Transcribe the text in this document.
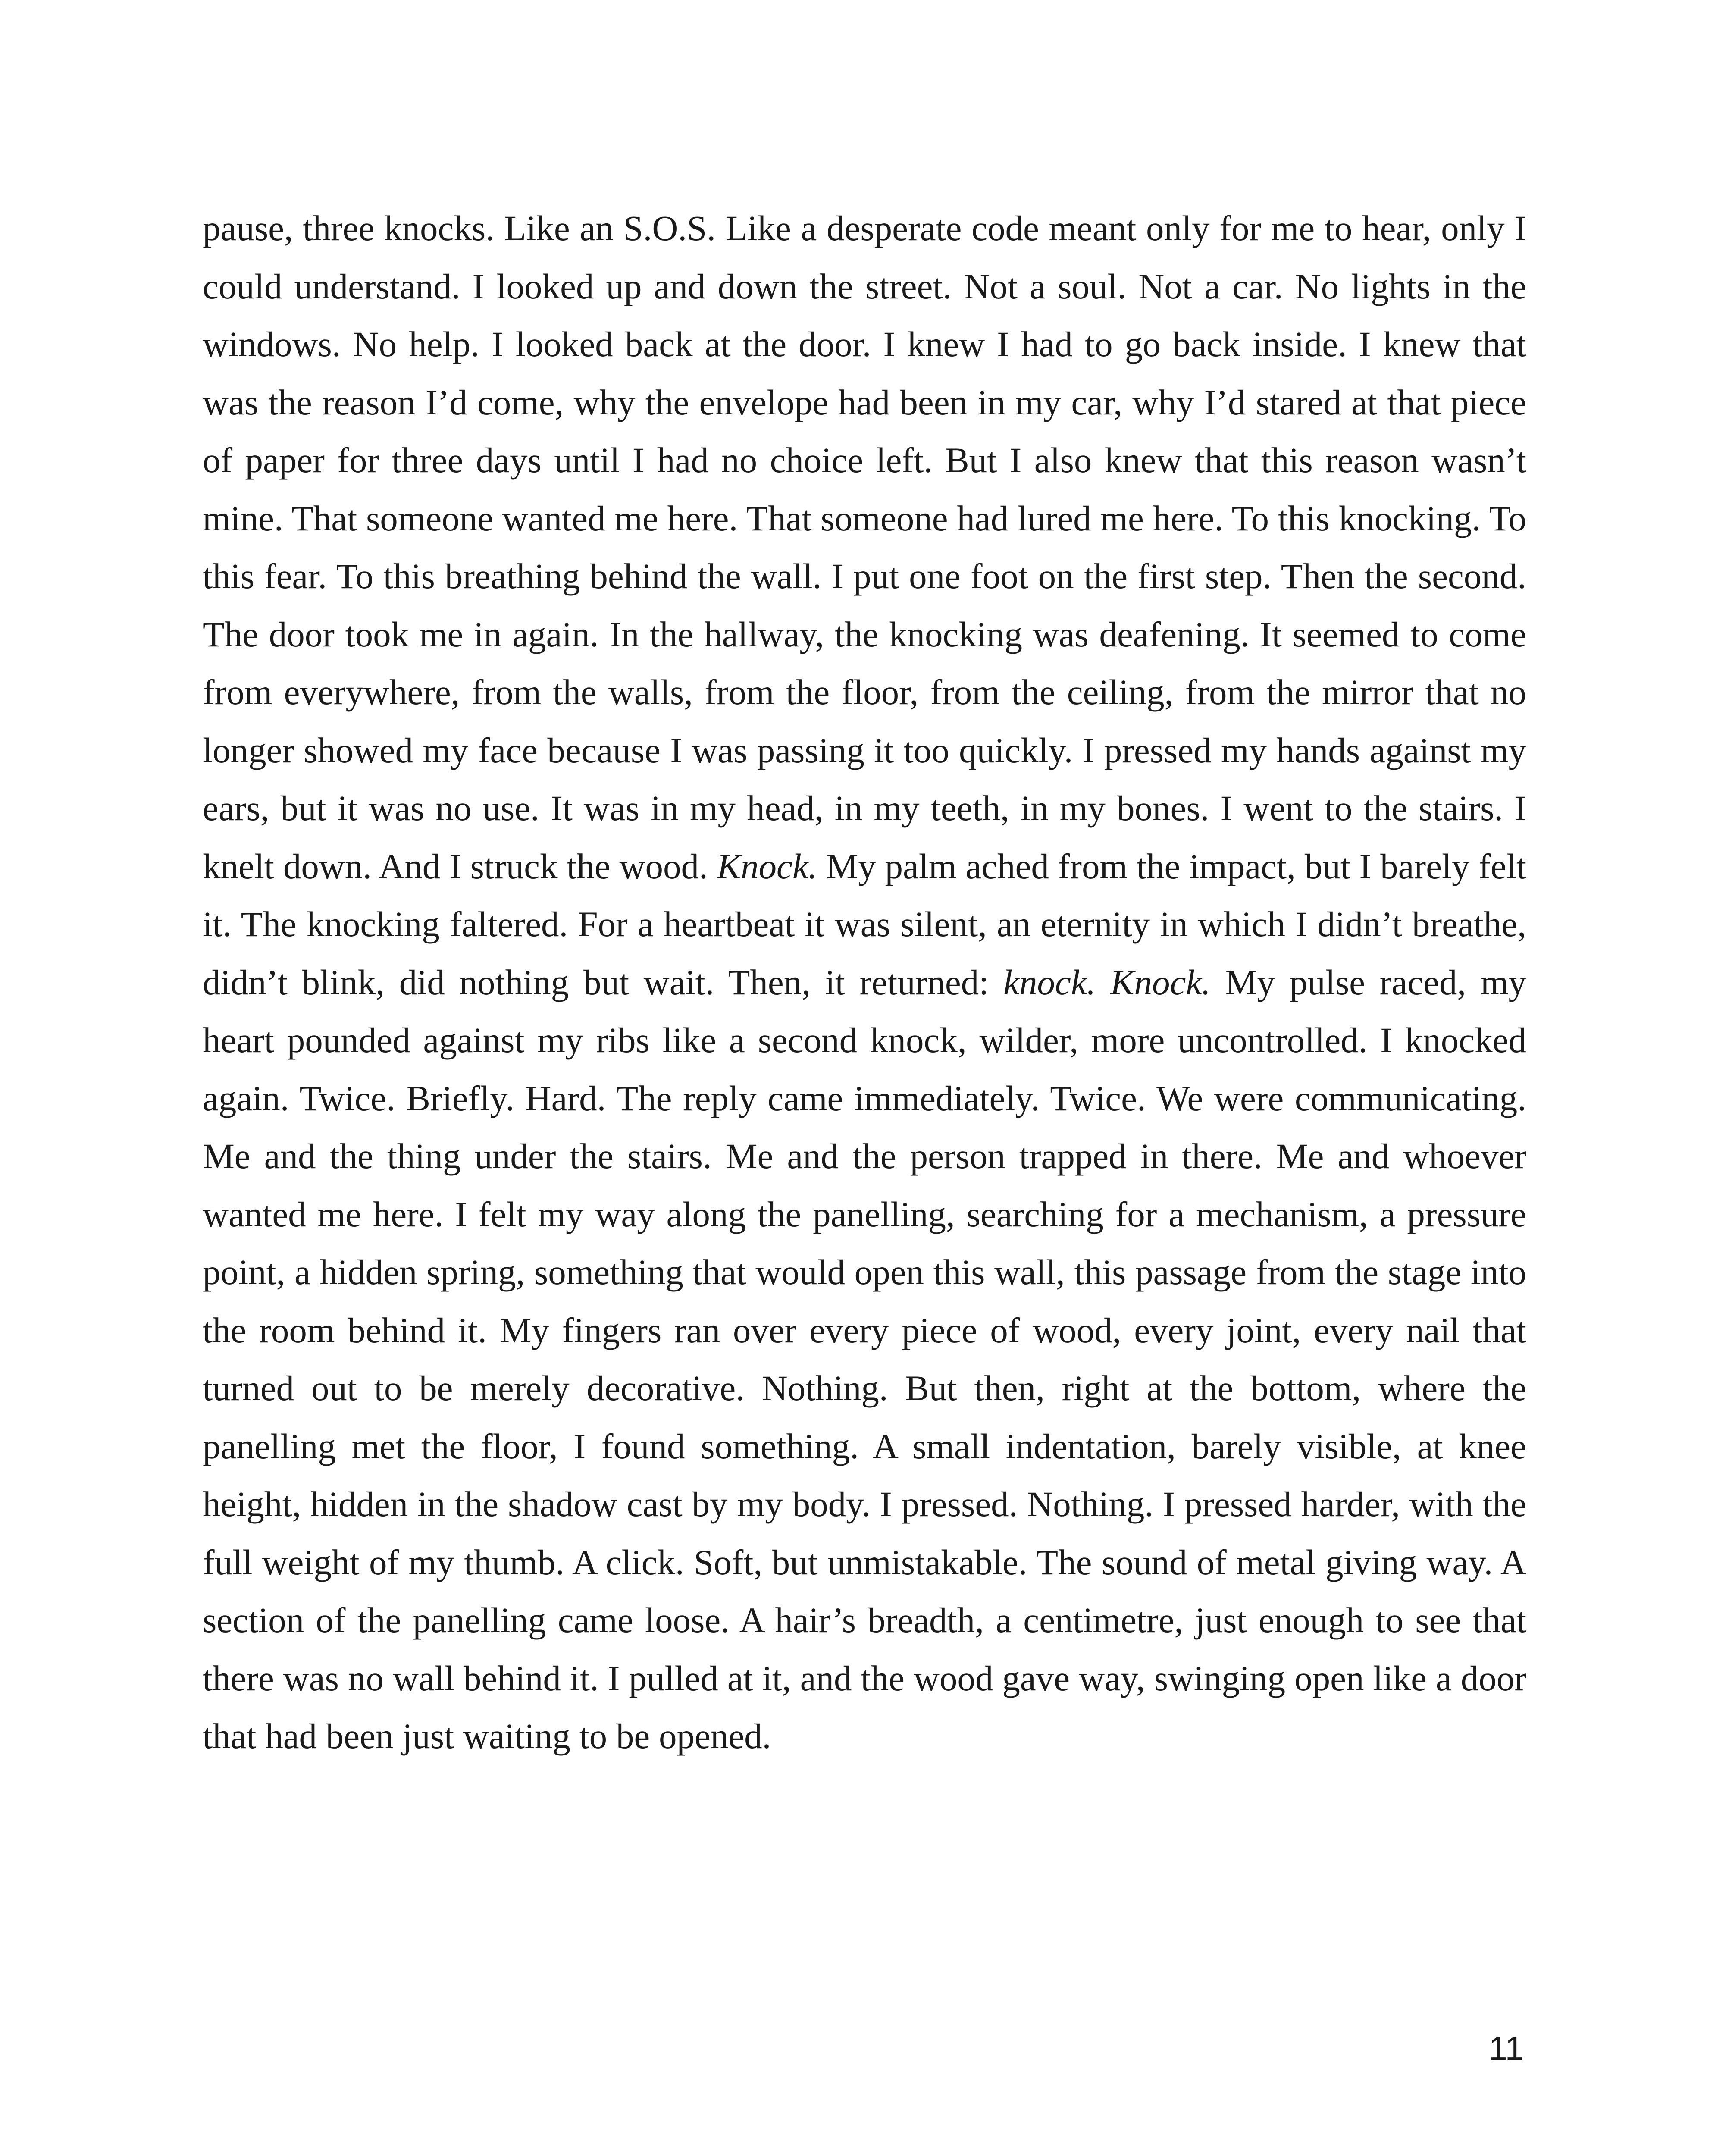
pause, three knocks. Like an S.O.S. Like a desperate code meant only for me to hear, only I could understand. I looked up and down the street. Not a soul. Not a car. No lights in the windows. No help. I looked back at the door. I knew I had to go back inside. I knew that was the reason I’d come, why the envelope had been in my car, why I’d stared at that piece of paper for three days until I had no choice left. But I also knew that this reason wasn’t mine. That someone wanted me here. That someone had lured me here. To this knocking. To this fear. To this breathing behind the wall. I put one foot on the first step. Then the second. The door took me in again. In the hallway, the knocking was deafening. It seemed to come from everywhere, from the walls, from the floor, from the ceiling, from the mirror that no longer showed my face because I was passing it too quickly. I pressed my hands against my ears, but it was no use. It was in my head, in my teeth, in my bones. I went to the stairs. I knelt down. And I struck the wood. Knock. My palm ached from the impact, but I barely felt it. The knocking faltered. For a heartbeat it was silent, an eternity in which I didn’t breathe, didn’t blink, did nothing but wait. Then, it returned: knock. Knock. My pulse raced, my heart pounded against my ribs like a second knock, wilder, more uncontrolled. I knocked again. Twice. Briefly. Hard. The reply came immediately. Twice. We were communicating. Me and the thing under the stairs. Me and the person trapped in there. Me and whoever wanted me here. I felt my way along the panelling, searching for a mechanism, a pressure point, a hidden spring, something that would open this wall, this passage from the stage into the room behind it. My fingers ran over every piece of wood, every joint, every nail that turned out to be merely decorative. Nothing. But then, right at the bottom, where the panelling met the floor, I found something. A small indentation, barely visible, at knee height, hidden in the shadow cast by my body. I pressed. Nothing. I pressed harder, with the full weight of my thumb. A click. Soft, but unmistakable. The sound of metal giving way. A section of the panelling came loose. A hair’s breadth, a centimetre, just enough to see that there was no wall behind it. I pulled at it, and the wood gave way, swinging open like a door that had been just waiting to be opened.

11
